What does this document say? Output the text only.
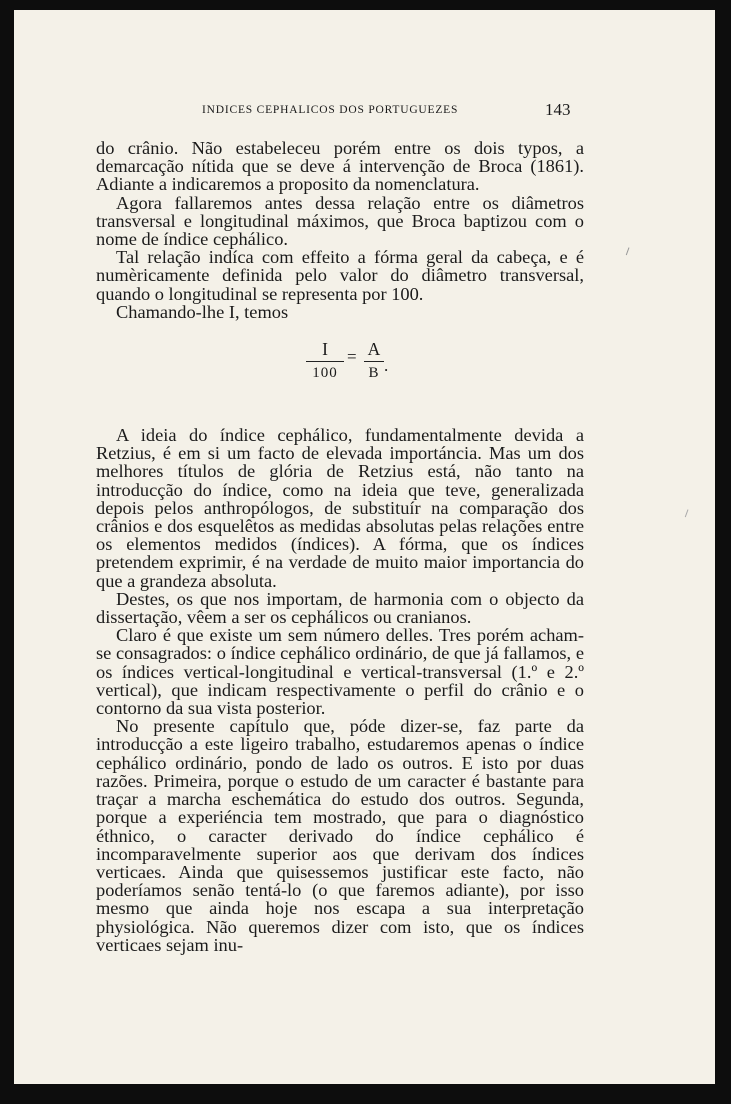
INDICES CEPHALICOS DOS PORTUGUEZES	143

do crânio. Não estabeleceu porém entre os dois typos, a demarcação nítida que se deve á intervenção de Broca (1861). Adiante a indicaremos a proposito da nomenclatura.

Agora fallaremos antes dessa relação entre os diâmetros transversal e longitudinal máximos, que Broca baptizou com o nome de índice cephálico.

Tal relação indíca com effeito a fórma geral da cabeça, e é numèricamente definida pelo valor do diâmetro transversal, quando o longitudinal se representa por 100.

Chamando-lhe I, temos

I
100
= A
B .

A ideia do índice cephálico, fundamentalmente devida a Retzius, é em si um facto de elevada importáncia. Mas um dos melhores títulos de glória de Retzius está, não tanto na introducção do índice, como na ideia que teve, generalizada depois pelos anthropólogos, de substituír na comparação dos crânios e dos esquelêtos as medidas absolutas pelas relações entre os elementos medidos (índices). A fórma, que os índices pretendem exprimir, é na verdade de muito maior importancia do que a grandeza absoluta.

Destes, os que nos importam, de harmonia com o objecto da dissertação, vêem a ser os cephálicos ou cranianos.

Claro é que existe um sem número delles. Tres porém acham-se consagrados: o índice cephálico ordinário, de que já fallamos, e os índices vertical-longitudinal e vertical-transversal (1.º e 2.º vertical), que indicam respectivamente o perfil do crânio e o contorno da sua vista posterior.

No presente capítulo que, póde dizer-se, faz parte da introducção a este ligeiro trabalho, estudaremos apenas o índice cephálico ordinário, pondo de lado os outros. E isto por duas razões. Primeira, porque o estudo de um caracter é bastante para traçar a marcha eschemática do estudo dos outros. Segunda, porque a experiéncia tem mostrado, que para o diagnóstico éthnico, o caracter derivado do índice cephálico é incomparavelmente superior aos que derivam dos índices verticaes. Ainda que quisessemos justificar este facto, não poderíamos senão tentá-lo (o que faremos adiante), por isso mesmo que ainda hoje nos escapa a sua interpretação physiológica. Não queremos dizer com isto, que os índices verticaes sejam inu-
